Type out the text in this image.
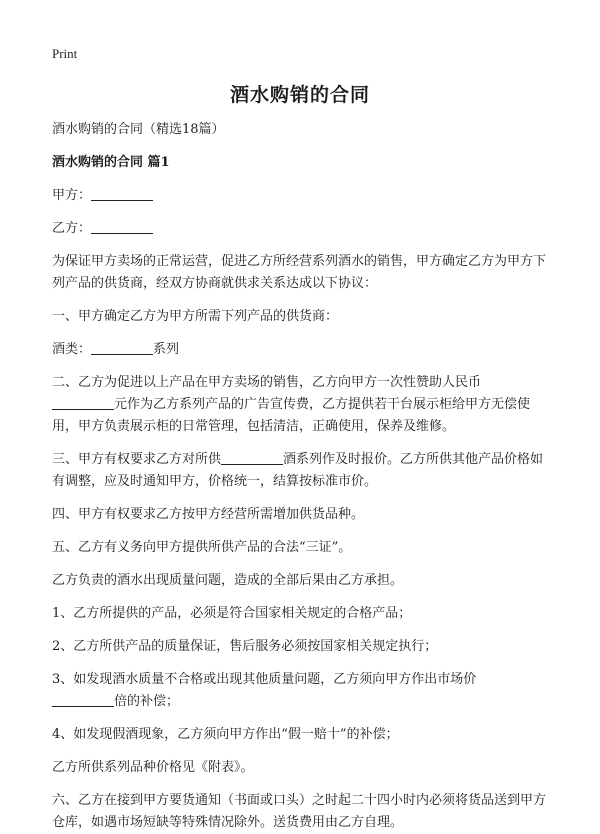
Print
酒水购销的合同

酒水购销的合同（精选18篇）

酒水购销的合同 篇1

甲方：

乙方：

为保证甲方卖场的正常运营，促进乙方所经营系列酒水的销售，甲方确定乙方为甲方下列产品的供货商，经双方协商就供求关系达成以下协议：

一、甲方确定乙方为甲方所需下列产品的供货商：

酒类：	系列

二、乙方为促进以上产品在甲方卖场的销售，乙方向甲方一次性赞助人民币
元作为乙方系列产品的广告宣传费，乙方提供若干台展示柜给甲方无偿使用，甲方负责展示柜的日常管理，包括清洁，正确使用，保养及维修。

三、甲方有权要求乙方对所供	酒系列作及时报价。乙方所供其他产品价格如有调整，应及时通知甲方，价格统一，结算按标准市价。

四、甲方有权要求乙方按甲方经营所需增加供货品种。

五、乙方有义务向甲方提供所供产品的合法“三证”。

乙方负责的酒水出现质量问题，造成的全部后果由乙方承担。

1、乙方所提供的产品，必须是符合国家相关规定的合格产品；

2、乙方所供产品的质量保证，售后服务必须按国家相关规定执行；

3、如发现酒水质量不合格或出现其他质量问题，乙方须向甲方作出市场价
倍的补偿；

4、如发现假酒现象，乙方须向甲方作出“假一赔十”的补偿；

乙方所供系列品种价格见《附表》。

六、乙方在接到甲方要货通知（书面或口头）之时起二十四小时内必须将货品送到甲方仓库，如遇市场短缺等特殊情况除外。送货费用由乙方自理。
